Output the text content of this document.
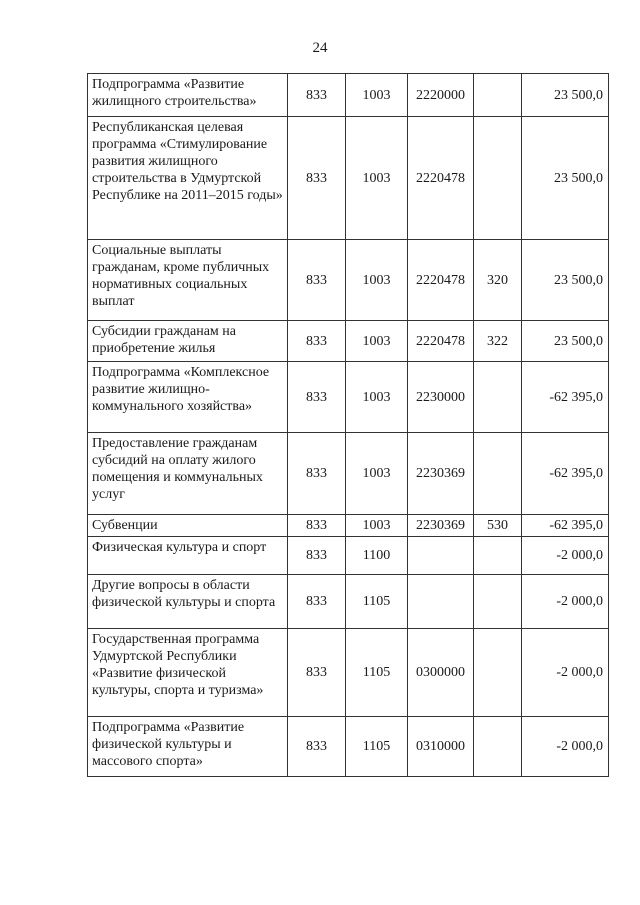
24
Подпрограмма «Развитие жилищного строительства»	833	1003	2220000		23 500,0
Республиканская целевая программа «Стимулирование развития жилищного строительства в Удмуртской Республике на 2011–2015 годы»	833	1003	2220478		23 500,0
Социальные выплаты гражданам, кроме публичных нормативных социальных выплат	833	1003	2220478	320	23 500,0
Субсидии гражданам на приобретение жилья	833	1003	2220478	322	23 500,0
Подпрограмма «Комплексное развитие жилищно-коммунального хозяйства»	833	1003	2230000		-62 395,0
Предоставление гражданам субсидий на оплату жилого помещения и коммунальных услуг	833	1003	2230369		-62 395,0
Субвенции	833	1003	2230369	530	-62 395,0
Физическая культура и спорт	833	1100			-2 000,0
Другие вопросы в области физической культуры и спорта	833	1105			-2 000,0
Государственная программа Удмуртской Республики «Развитие физической культуры, спорта и туризма»	833	1105	0300000		-2 000,0
Подпрограмма «Развитие физической культуры и массового спорта»	833	1105	0310000		-2 000,0
